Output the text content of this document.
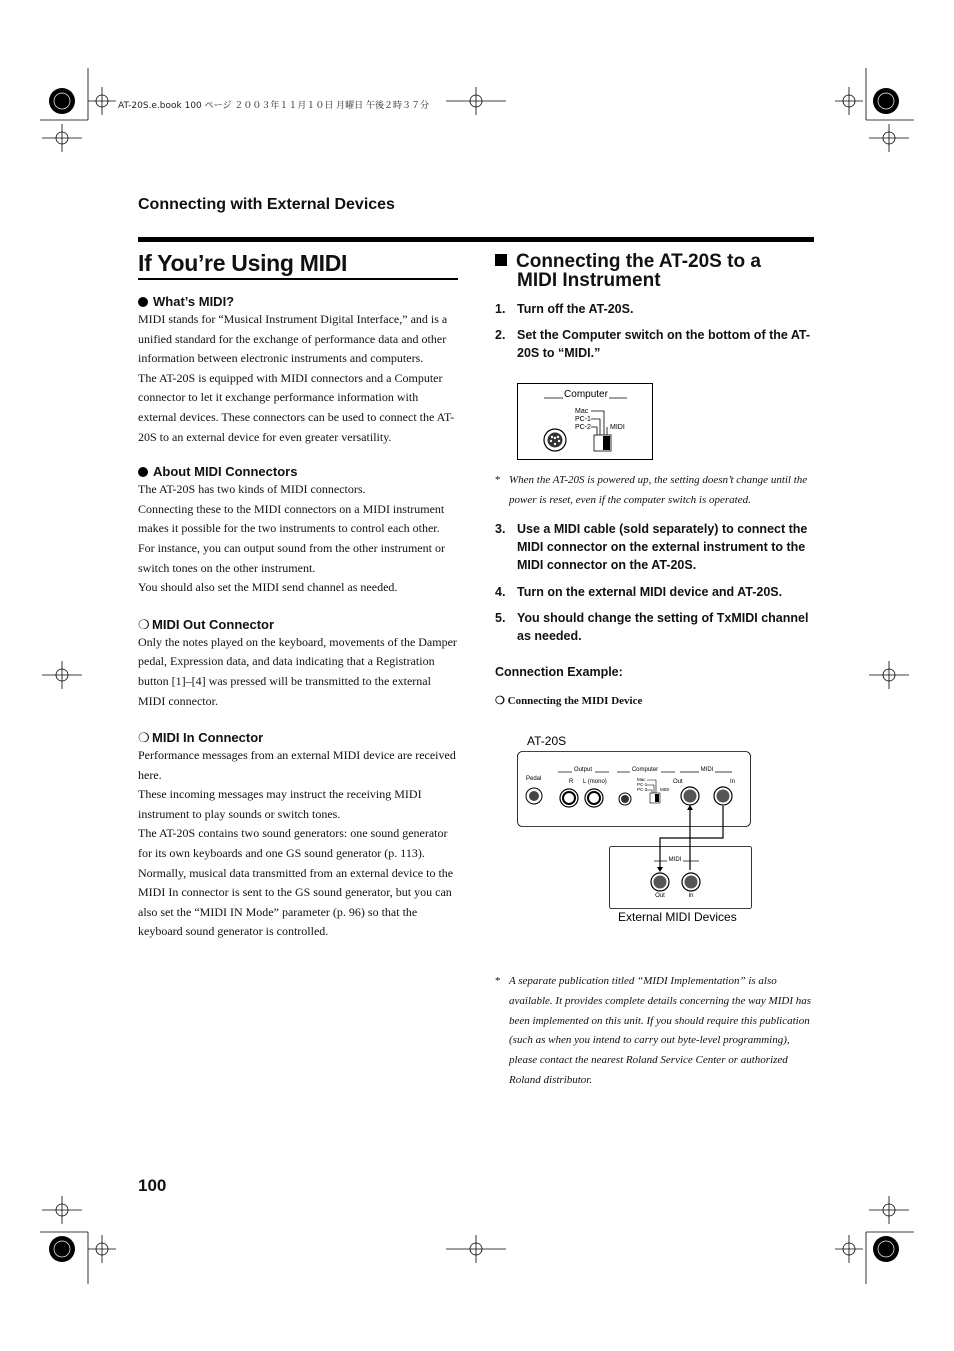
AT-20S.e.book 100 ページ ２００３年１１月１０日 月曜日 午後２時３７分
Connecting with External Devices
If You’re Using MIDI

What’s MIDI?

MIDI stands for “Musical Instrument Digital Interface,” and is a unified standard for the exchange of performance data and other information between electronic instruments and computers.

The AT-20S is equipped with MIDI connectors and a Computer connector to let it exchange performance information with external devices. These connectors can be used to connect the AT-20S to an external device for even greater versatility.

About MIDI Connectors

The AT-20S has two kinds of MIDI connectors.

Connecting these to the MIDI connectors on a MIDI instrument makes it possible for the two instruments to control each other.

For instance, you can output sound from the other instrument or switch tones on the other instrument.

You should also set the MIDI send channel as needed.

❍ MIDI Out Connector

Only the notes played on the keyboard, movements of the Damper pedal, Expression data, and data indicating that a Registration button [1]–[4] was pressed will be transmitted to the external MIDI connector.

❍ MIDI In Connector

Performance messages from an external MIDI device are received here.

These incoming messages may instruct the receiving MIDI instrument to play sounds or switch tones.

The AT-20S contains two sound generators: one sound generator for its own keyboards and one GS sound generator (p. 113). Normally, musical data transmitted from an external device to the MIDI In connector is sent to the GS sound generator, but you can also set the “MIDI IN Mode” parameter (p. 96) so that the keyboard sound generator is controlled.

Connecting the AT-20S to a
MIDI Instrument
1. Turn off the AT-20S.
2. Set the Computer switch on the bottom of the AT-20S to “MIDI.”
Computer
Mac
PC-1
PC-2	MIDI
* When the AT-20S is powered up, the setting doesn’t change until the power is reset, even if the computer switch is operated.
3. Use a MIDI cable (sold separately) to connect the MIDI connector on the external instrument to the MIDI connector on the AT-20S.
4. Turn on the external MIDI device and AT-20S.
5. You should change the setting of TxMIDI channel as needed.
Connection Example:
❍ Connecting the MIDI Device
AT-20S
Output	Computer	MIDI
Pedal	R L (mono)	Mac
PC-1
PC-2	MIDI
Out	In
MIDI
Out	In
External MIDI Devices
* A separate publication titled “MIDI Implementation” is also available. It provides complete details concerning the way MIDI has been implemented on this unit. If you should require this publication (such as when you intend to carry out byte-level programming), please contact the nearest Roland Service Center or authorized Roland distributor.
100
